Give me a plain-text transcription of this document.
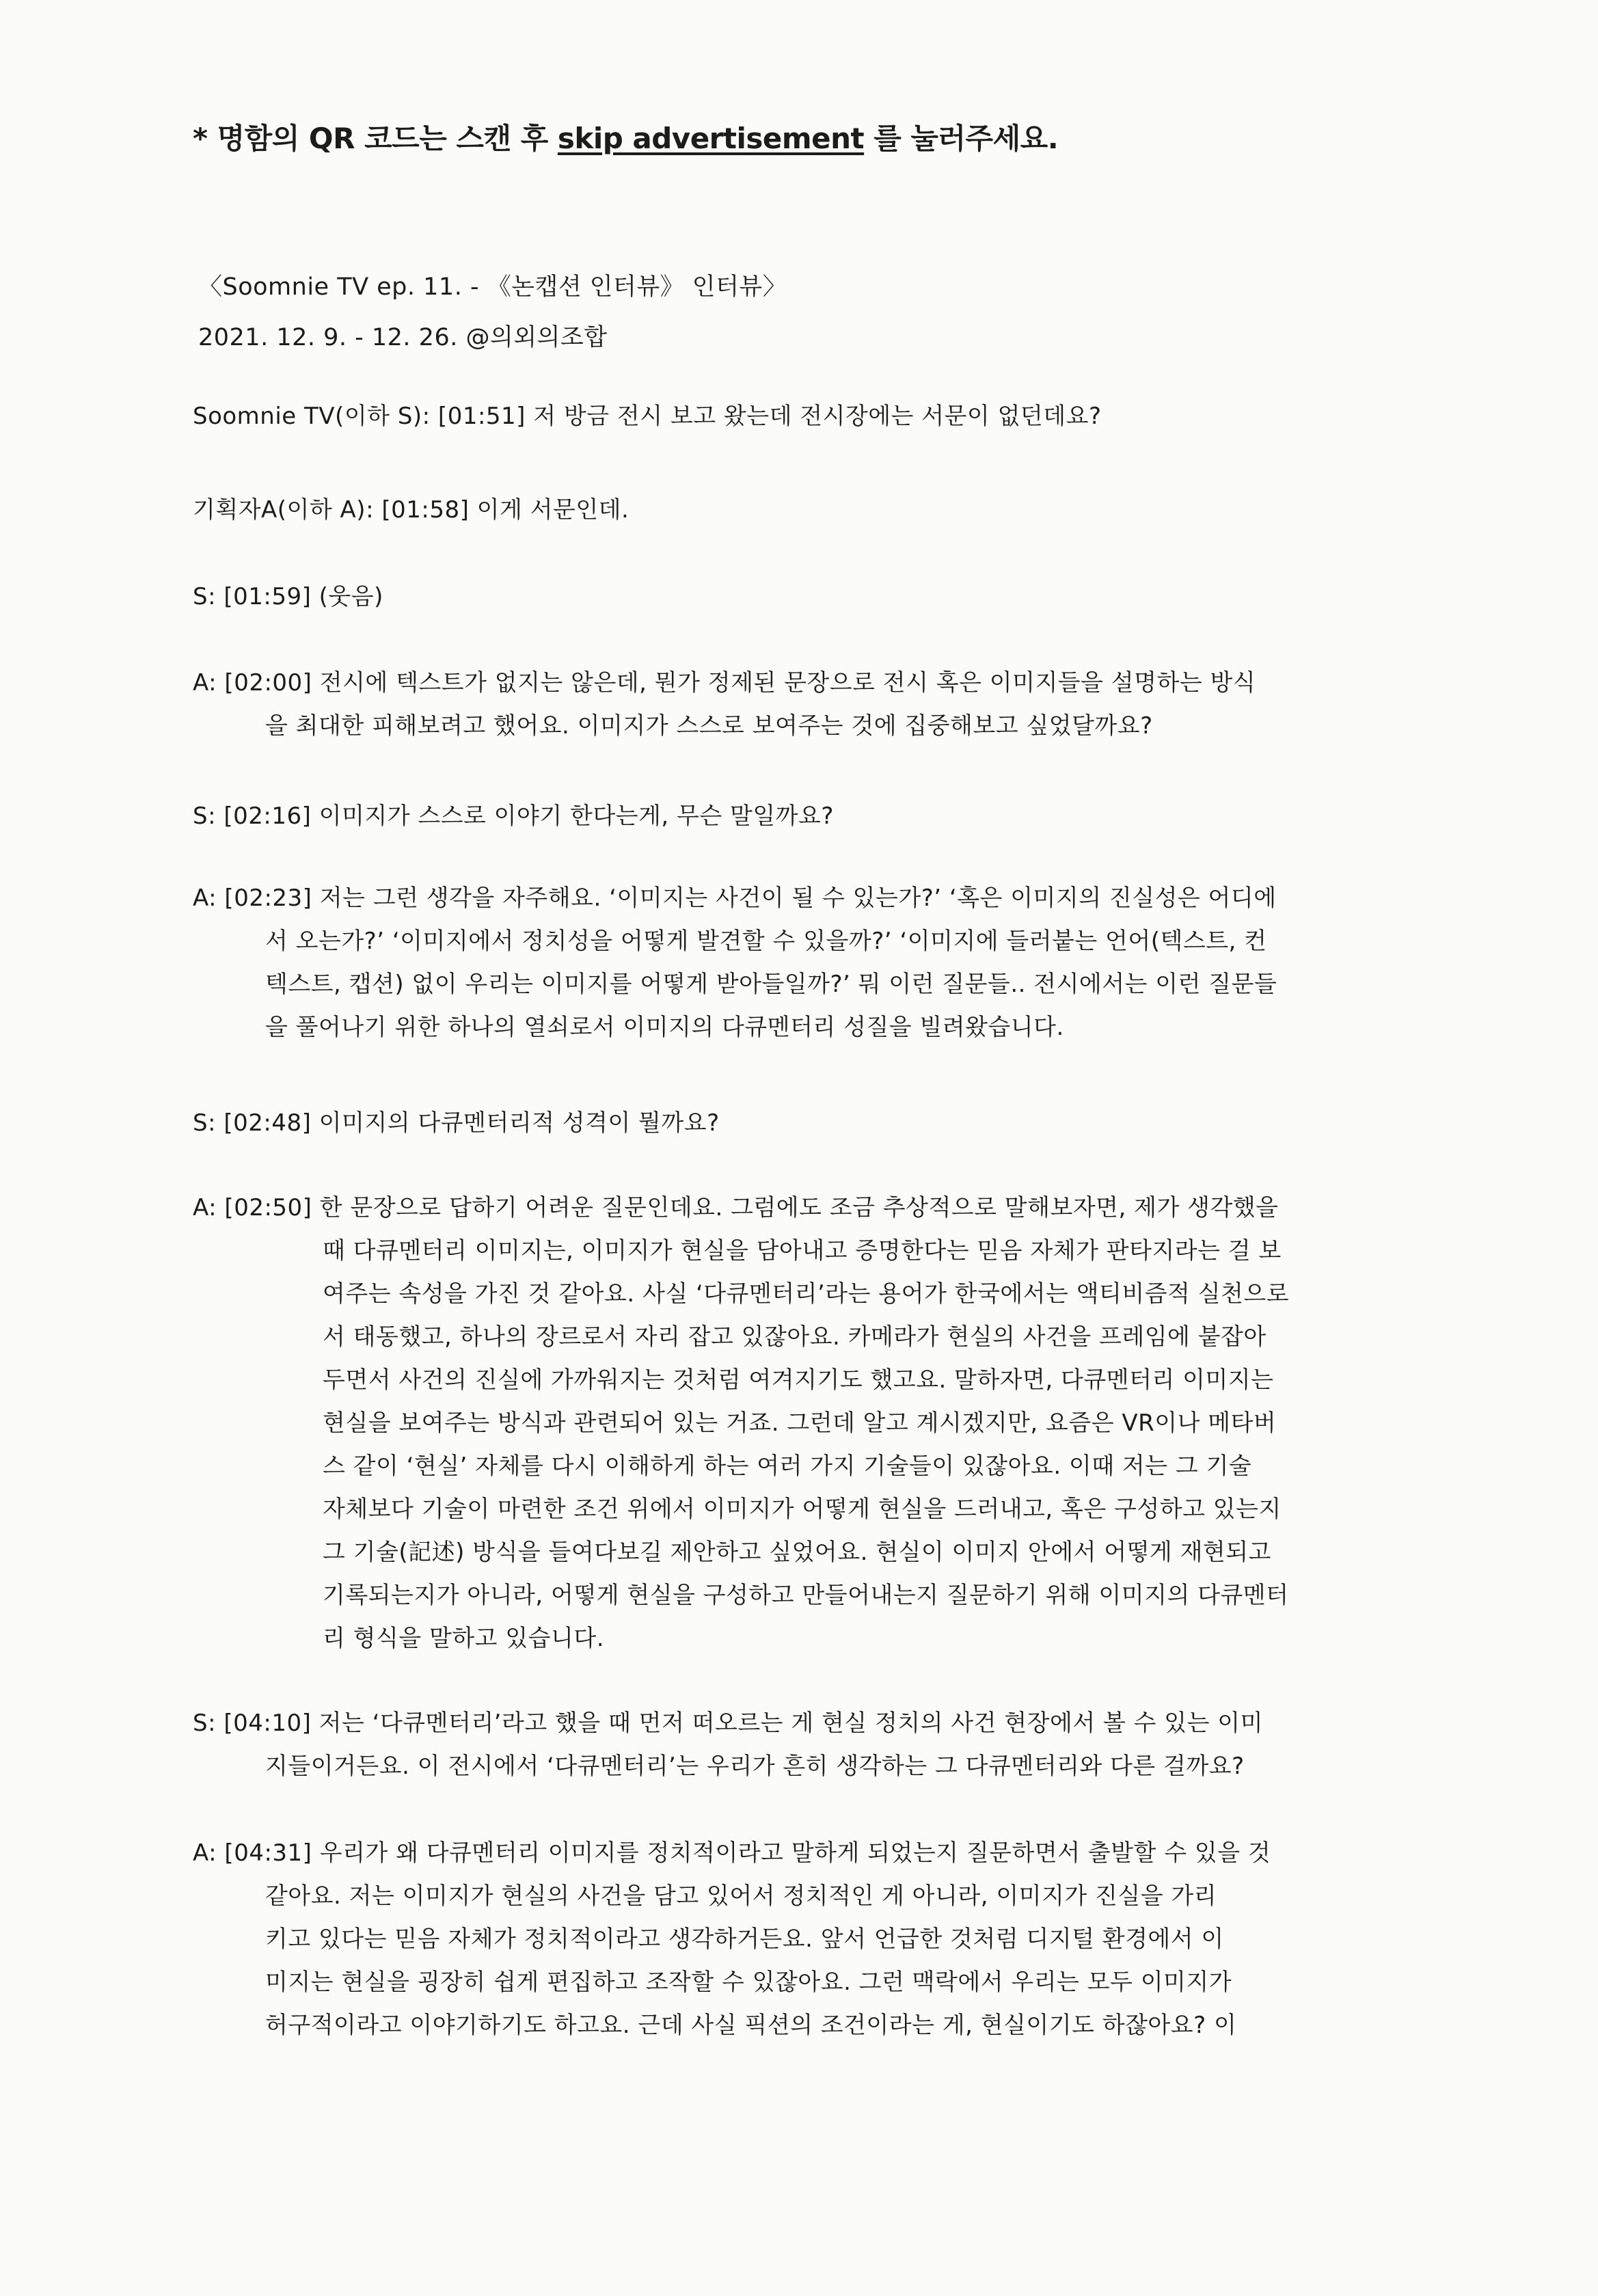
* 명함의 QR 코드는 스캔 후 skip advertisement 를 눌러주세요.
〈Soomnie TV ep. 11. - 《논캡션 인터뷰》 인터뷰〉
2021. 12. 9. - 12. 26. @의외의조합
Soomnie TV(이하 S): [01:51] 저 방금 전시 보고 왔는데 전시장에는 서문이 없던데요?
기획자A(이하 A): [01:58] 이게 서문인데.
S: [01:59] (웃음)
A: [02:00] 전시에 텍스트가 없지는 않은데, 뭔가 정제된 문장으로 전시 혹은 이미지들을 설명하는 방식
을 최대한 피해보려고 했어요. 이미지가 스스로 보여주는 것에 집중해보고 싶었달까요?
S: [02:16] 이미지가 스스로 이야기 한다는게, 무슨 말일까요?
A: [02:23] 저는 그런 생각을 자주해요. ‘이미지는 사건이 될 수 있는가?’ ‘혹은 이미지의 진실성은 어디에
서 오는가?’ ‘이미지에서 정치성을 어떻게 발견할 수 있을까?’ ‘이미지에 들러붙는 언어(텍스트, 컨
텍스트, 캡션) 없이 우리는 이미지를 어떻게 받아들일까?’ 뭐 이런 질문들.. 전시에서는 이런 질문들
을 풀어나기 위한 하나의 열쇠로서 이미지의 다큐멘터리 성질을 빌려왔습니다.
S: [02:48] 이미지의 다큐멘터리적 성격이 뭘까요?
A: [02:50] 한 문장으로 답하기 어려운 질문인데요. 그럼에도 조금 추상적으로 말해보자면, 제가 생각했을
때 다큐멘터리 이미지는, 이미지가 현실을 담아내고 증명한다는 믿음 자체가 판타지라는 걸 보
여주는 속성을 가진 것 같아요. 사실 ‘다큐멘터리’라는 용어가 한국에서는 액티비즘적 실천으로
서 태동했고, 하나의 장르로서 자리 잡고 있잖아요. 카메라가 현실의 사건을 프레임에 붙잡아
두면서 사건의 진실에 가까워지는 것처럼 여겨지기도 했고요. 말하자면, 다큐멘터리 이미지는
현실을 보여주는 방식과 관련되어 있는 거죠. 그런데 알고 계시겠지만, 요즘은 VR이나 메타버
스 같이 ‘현실’ 자체를 다시 이해하게 하는 여러 가지 기술들이 있잖아요. 이때 저는 그 기술
자체보다 기술이 마련한 조건 위에서 이미지가 어떻게 현실을 드러내고, 혹은 구성하고 있는지
그 기술(記述) 방식을 들여다보길 제안하고 싶었어요. 현실이 이미지 안에서 어떻게 재현되고
기록되는지가 아니라, 어떻게 현실을 구성하고 만들어내는지 질문하기 위해 이미지의 다큐멘터
리 형식을 말하고 있습니다.
S: [04:10] 저는 ‘다큐멘터리’라고 했을 때 먼저 떠오르는 게 현실 정치의 사건 현장에서 볼 수 있는 이미
지들이거든요. 이 전시에서 ‘다큐멘터리’는 우리가 흔히 생각하는 그 다큐멘터리와 다른 걸까요?
A: [04:31] 우리가 왜 다큐멘터리 이미지를 정치적이라고 말하게 되었는지 질문하면서 출발할 수 있을 것
같아요. 저는 이미지가 현실의 사건을 담고 있어서 정치적인 게 아니라, 이미지가 진실을 가리
키고 있다는 믿음 자체가 정치적이라고 생각하거든요. 앞서 언급한 것처럼 디지털 환경에서 이
미지는 현실을 굉장히 쉽게 편집하고 조작할 수 있잖아요. 그런 맥락에서 우리는 모두 이미지가
허구적이라고 이야기하기도 하고요. 근데 사실 픽션의 조건이라는 게, 현실이기도 하잖아요? 이
